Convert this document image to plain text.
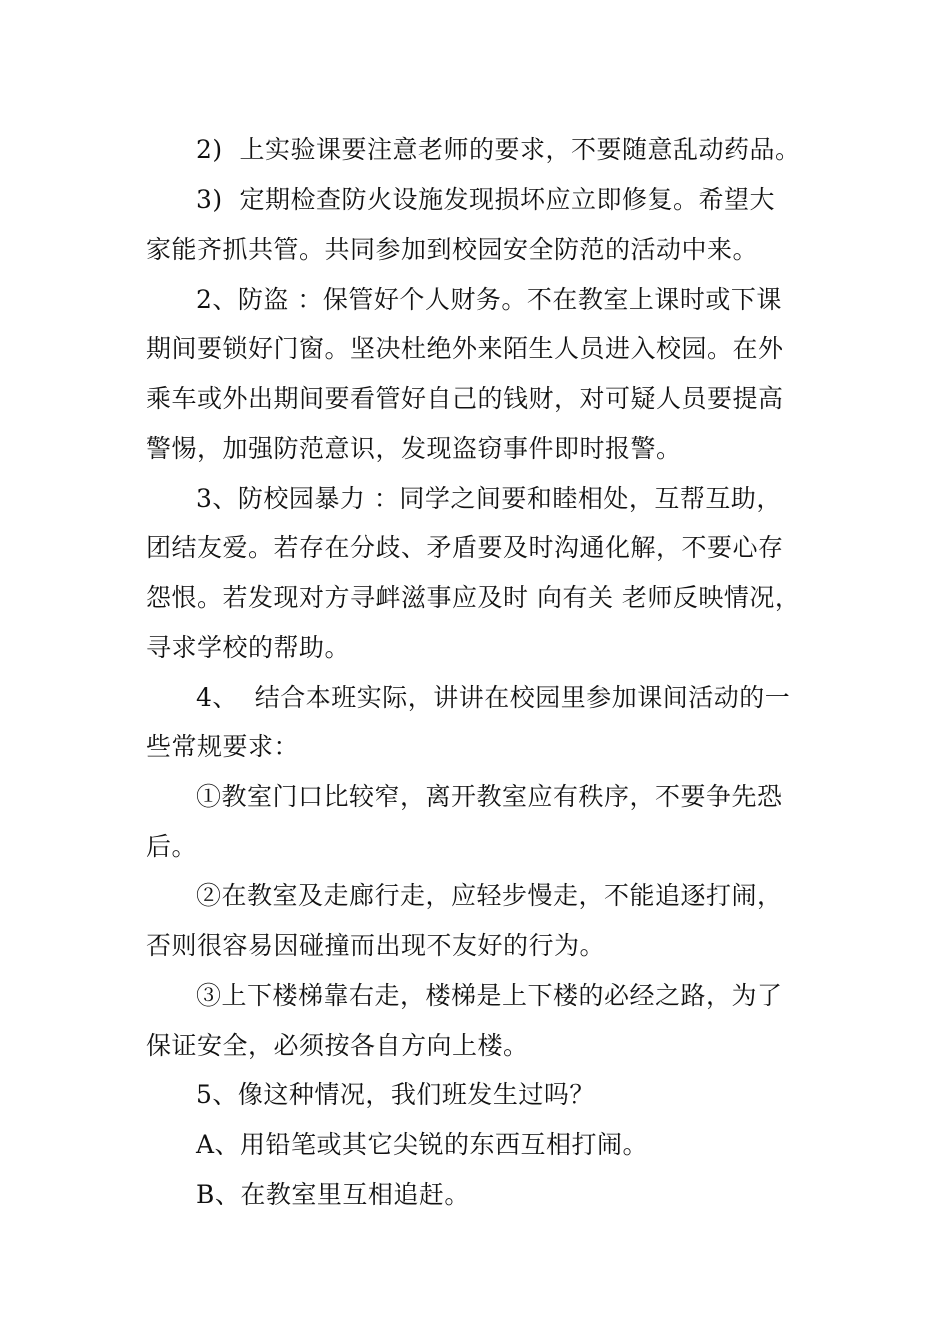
2)  上实验课要注意老师的要求，不要随意乱动药品。
3)  定期检查防火设施发现损坏应立即修复。希望大
家能齐抓共管。共同参加到校园安全防范的活动中来。
2、防盗 ：保管好个人财务。不在教室上课时或下课
期间要锁好门窗。坚决杜绝外来陌生人员进入校园。在外
乘车或外出期间要看管好自己的钱财，对可疑人员要提高
警惕，加强防范意识，发现盗窃事件即时报警。
3、防校园暴力 ：同学之间要和睦相处，互帮互助，
团结友爱。若存在分歧、矛盾要及时沟通化解，不要心存
怨恨。若发现对方寻衅滋事应及时 向有关 老师反映情况，
寻求学校的帮助。
4、  结合本班实际，讲讲在校园里参加课间活动的一
些常规要求：
①教室门口比较窄，离开教室应有秩序，不要争先恐
后。
②在教室及走廊行走，应轻步慢走，不能追逐打闹，
否则很容易因碰撞而出现不友好的行为。
③上下楼梯靠右走，楼梯是上下楼的必经之路，为了
保证安全，必须按各自方向上楼。
5、像这种情况，我们班发生过吗？
A、用铅笔或其它尖锐的东西互相打闹。
B、在教室里互相追赶。
